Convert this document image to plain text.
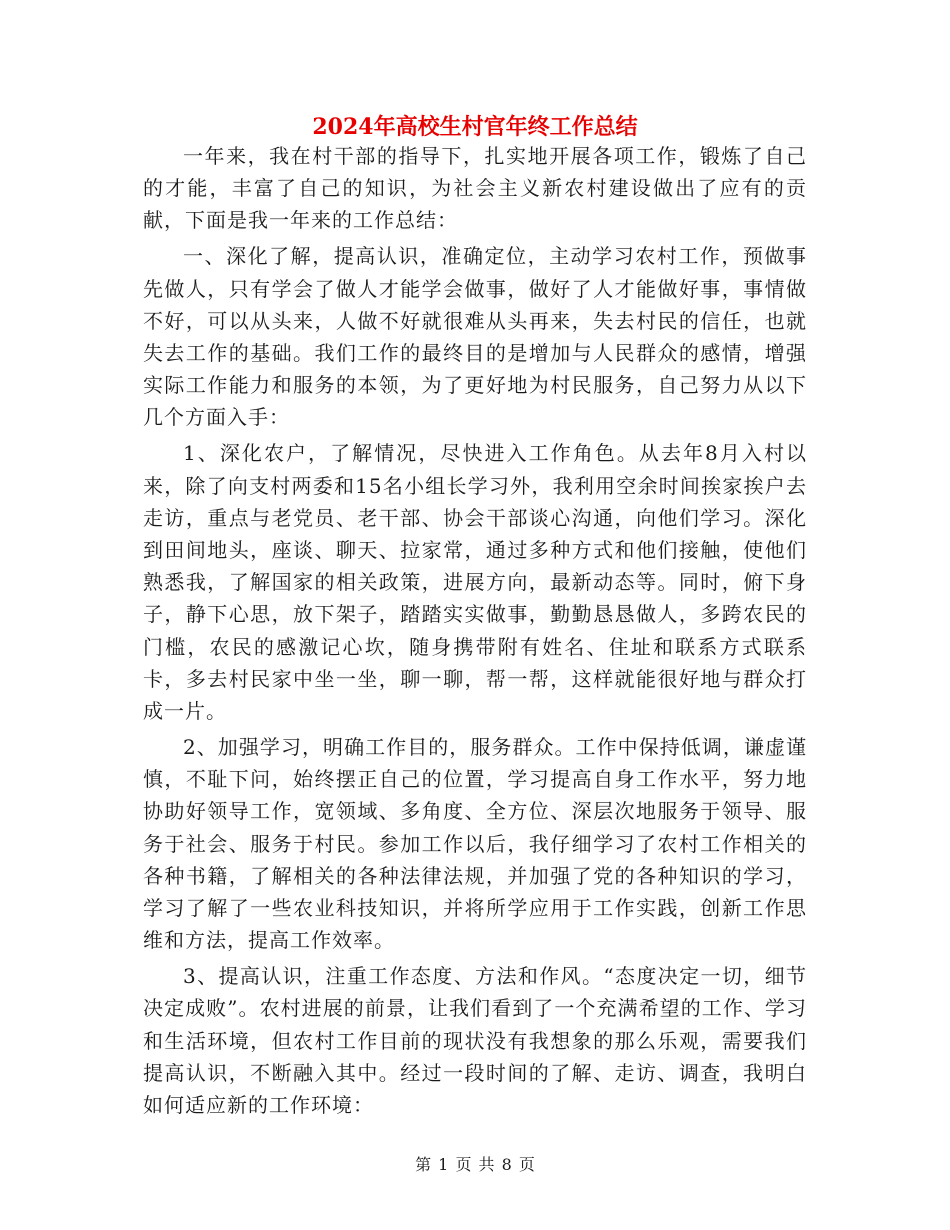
2024年高校生村官年终工作总结

一年来，我在村干部的指导下，扎实地开展各项工作，锻炼了自己的才能，丰富了自己的知识，为社会主义新农村建设做出了应有的贡献，下面是我一年来的工作总结：

一、深化了解，提高认识，准确定位，主动学习农村工作，预做事先做人，只有学会了做人才能学会做事，做好了人才能做好事，事情做不好，可以从头来，人做不好就很难从头再来，失去村民的信任，也就失去工作的基础。我们工作的最终目的是增加与人民群众的感情，增强实际工作能力和服务的本领，为了更好地为村民服务，自己努力从以下几个方面入手：

1、深化农户，了解情况，尽快进入工作角色。从去年8月入村以来，除了向支村两委和15名小组长学习外，我利用空余时间挨家挨户去走访，重点与老党员、老干部、协会干部谈心沟通，向他们学习。深化到田间地头，座谈、聊天、拉家常，通过多种方式和他们接触，使他们熟悉我，了解国家的相关政策，进展方向，最新动态等。同时，俯下身子，静下心思，放下架子，踏踏实实做事，勤勤恳恳做人，多跨农民的门槛，农民的感激记心坎，随身携带附有姓名、住址和联系方式联系卡，多去村民家中坐一坐，聊一聊，帮一帮，这样就能很好地与群众打成一片。

2、加强学习，明确工作目的，服务群众。工作中保持低调，谦虚谨慎，不耻下问，始终摆正自己的位置，学习提高自身工作水平，努力地协助好领导工作，宽领域、多角度、全方位、深层次地服务于领导、服务于社会、服务于村民。参加工作以后，我仔细学习了农村工作相关的各种书籍，了解相关的各种法律法规，并加强了党的各种知识的学习，学习了解了一些农业科技知识，并将所学应用于工作实践，创新工作思维和方法，提高工作效率。

3、提高认识，注重工作态度、方法和作风。“态度决定一切，细节决定成败”。农村进展的前景，让我们看到了一个充满希望的工作、学习和生活环境，但农村工作目前的现状没有我想象的那么乐观，需要我们提高认识，不断融入其中。经过一段时间的了解、走访、调查，我明白如何适应新的工作环境：

第 1 页 共 8 页
